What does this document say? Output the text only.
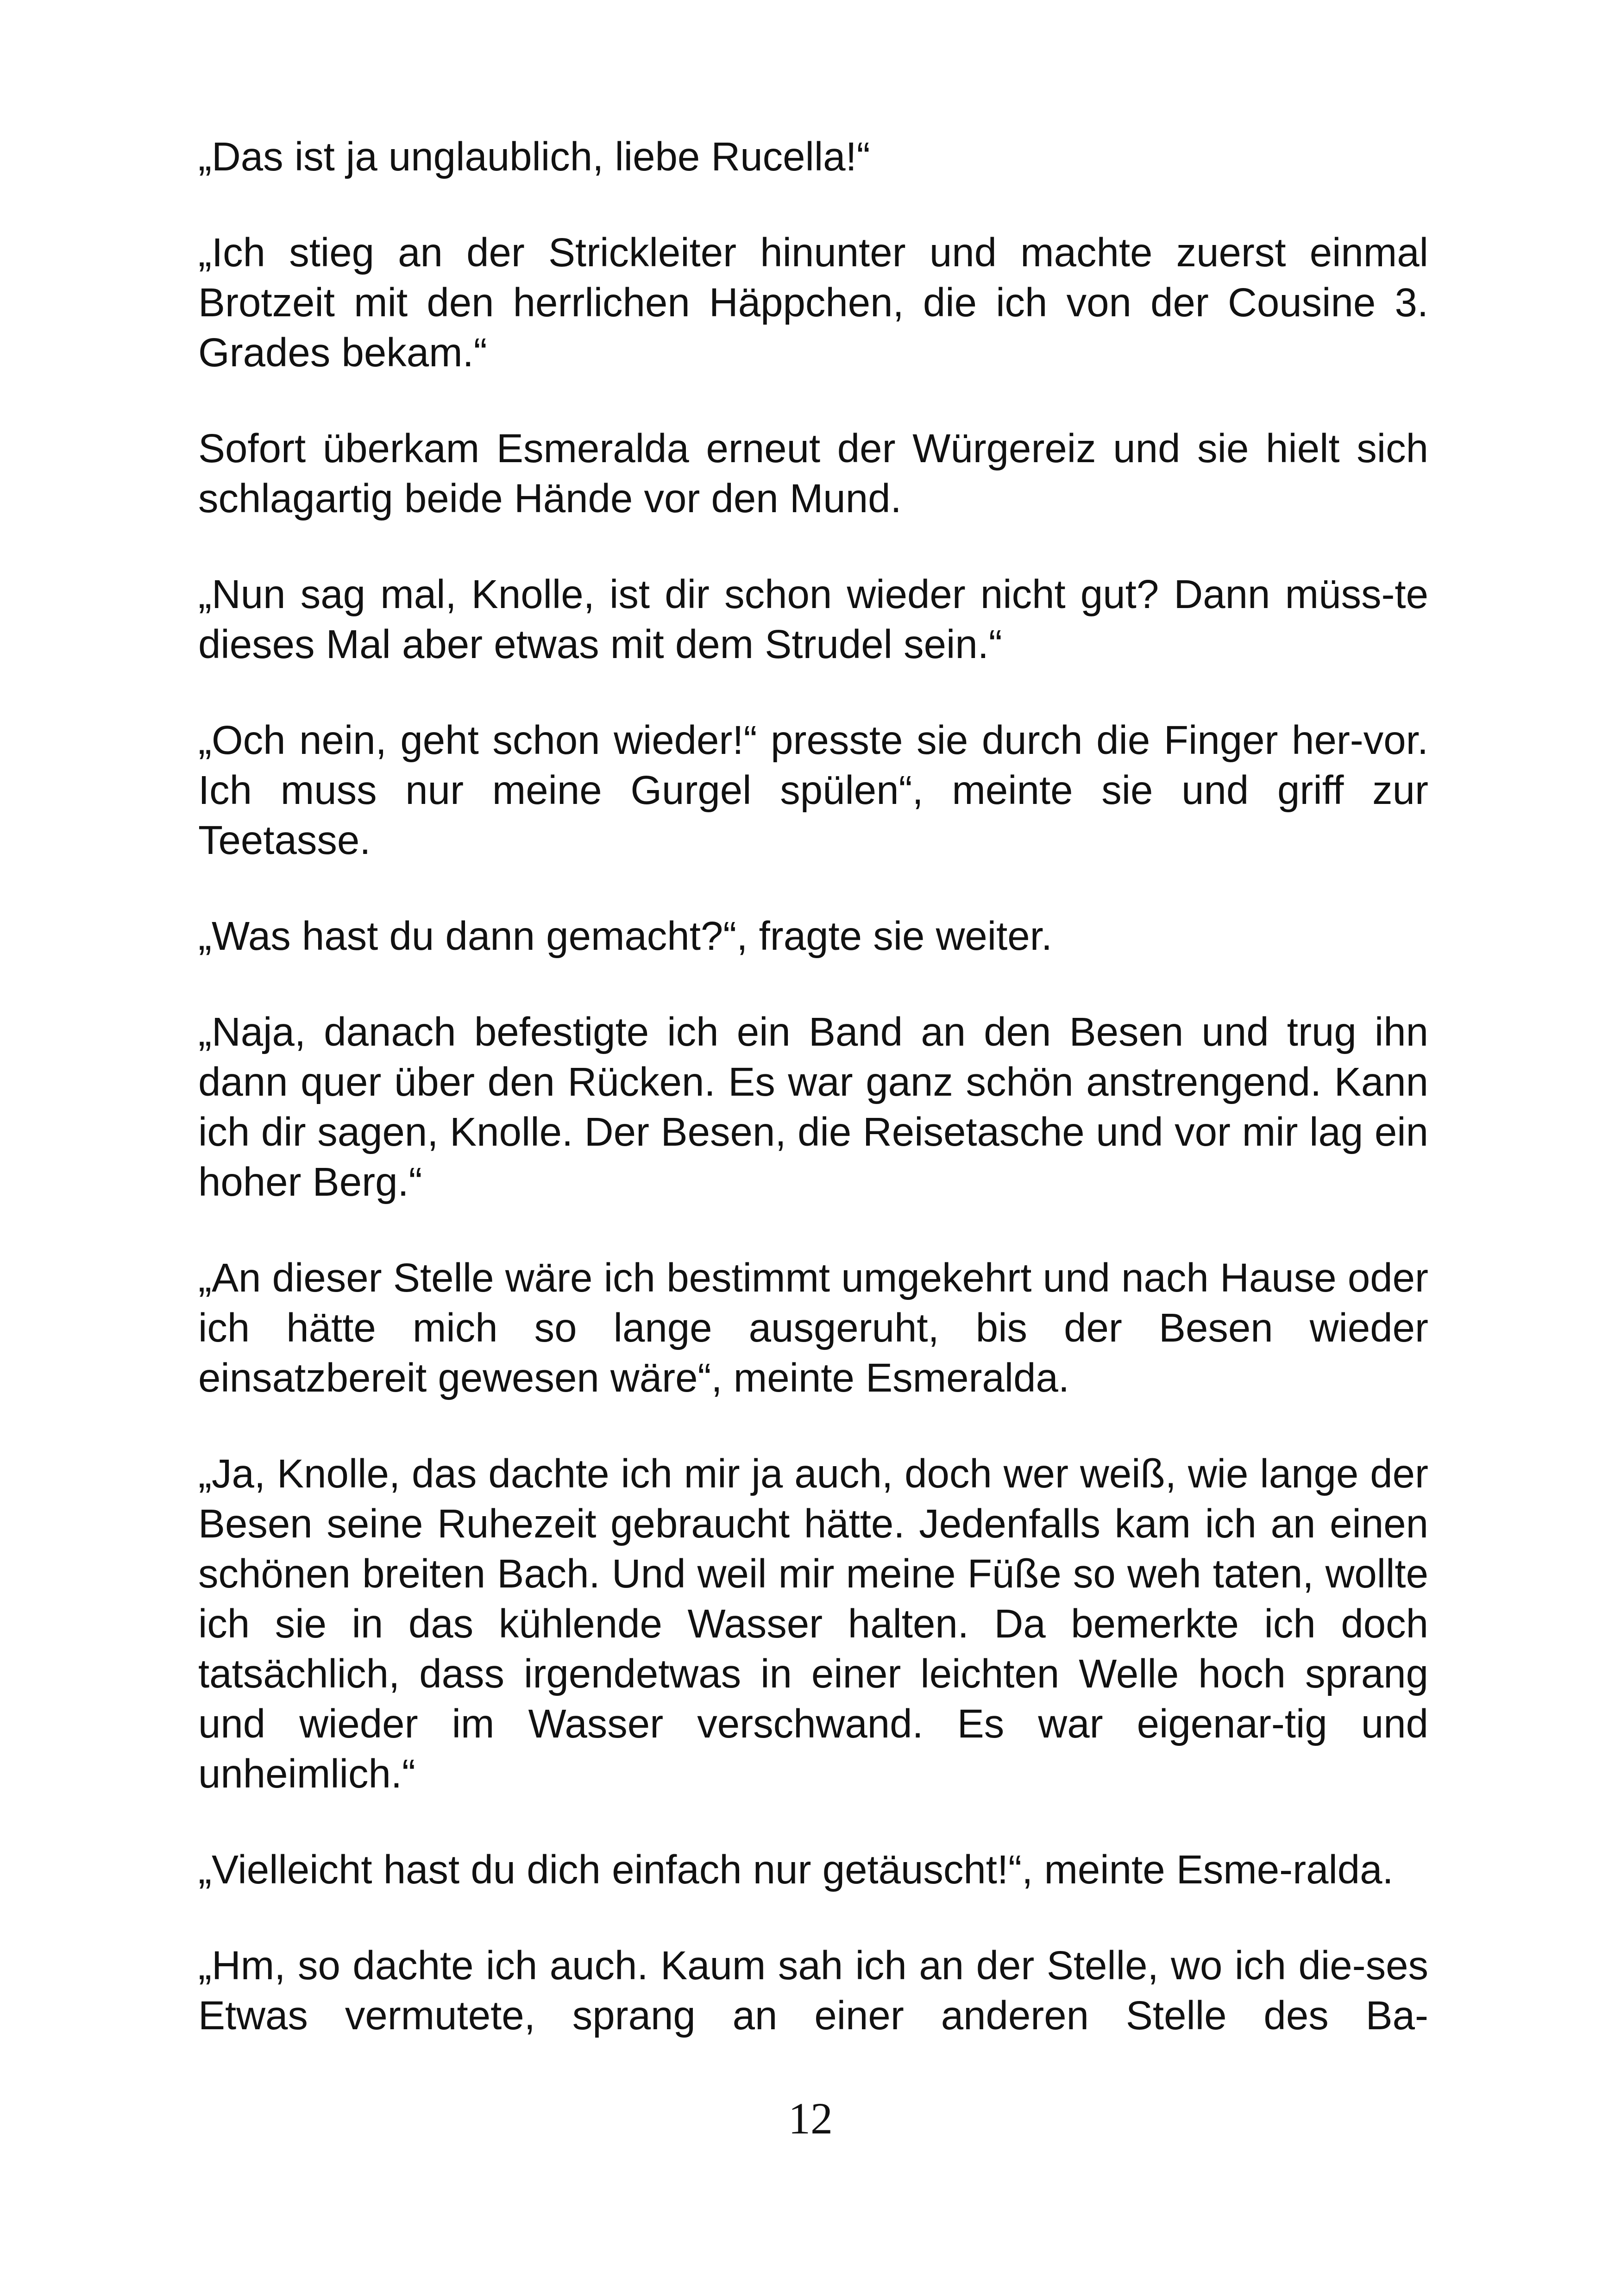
„Das ist ja unglaublich, liebe Rucella!“

„Ich stieg an der Strickleiter hinunter und machte zuerst einmal Brotzeit mit den herrlichen Häppchen, die ich von der Cousine 3. Grades bekam.“

Sofort überkam Esmeralda erneut der Würgereiz und sie hielt sich schlagartig beide Hände vor den Mund.

„Nun sag mal, Knolle, ist dir schon wieder nicht gut? Dann müss-te dieses Mal aber etwas mit dem Strudel sein.“

„Och nein, geht schon wieder!“ presste sie durch die Finger her-vor. Ich muss nur meine Gurgel spülen“, meinte sie und griff zur Teetasse.

„Was hast du dann gemacht?“, fragte sie weiter.

„Naja, danach befestigte ich ein Band an den Besen und trug ihn dann quer über den Rücken. Es war ganz schön anstrengend. Kann ich dir sagen, Knolle. Der Besen, die Reisetasche und vor mir lag ein hoher Berg.“

„An dieser Stelle wäre ich bestimmt umgekehrt und nach Hause oder ich hätte mich so lange ausgeruht, bis der Besen wieder einsatzbereit gewesen wäre“, meinte Esmeralda.

„Ja, Knolle, das dachte ich mir ja auch, doch wer weiß, wie lange der Besen seine Ruhezeit gebraucht hätte. Jedenfalls kam ich an einen schönen breiten Bach. Und weil mir meine Füße so weh taten, wollte ich sie in das kühlende Wasser halten. Da bemerkte ich doch tatsächlich, dass irgendetwas in einer leichten Welle hoch sprang und wieder im Wasser verschwand. Es war eigenar-tig und unheimlich.“

„Vielleicht hast du dich einfach nur getäuscht!“, meinte Esme-ralda.

„Hm, so dachte ich auch. Kaum sah ich an der Stelle, wo ich die-ses Etwas vermutete, sprang an einer anderen Stelle des Ba-

12
